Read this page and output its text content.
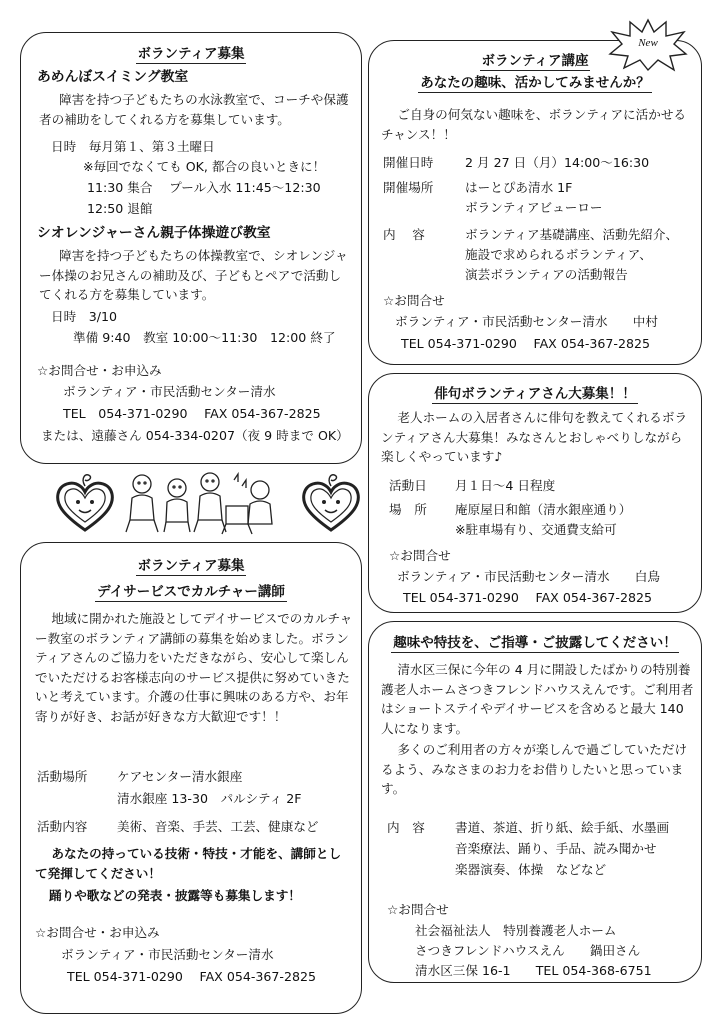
ボランティア募集
あめんぼスイミング教室
障害を持つ子どもたちの水泳教室で、コーチや保護者の補助をしてくれる方を募集しています。
日時　毎月第１、第３土曜日
※毎回でなくても OK, 都合の良いときに！
11:30 集合　 プール入水 11:45～12:30
12:50 退館
シオレンジャーさん親子体操遊び教室
障害を持つ子どもたちの体操教室で、シオレンジャー体操のお兄さんの補助及び、子どもとペアで活動してくれる方を募集しています。
日時　3/10
準備 9:40　教室 10:00～11:30　12:00 終了
☆お問合せ・お申込み
ボランティア・市民活動センター清水
TEL　054-371-0290　 FAX 054-367-2825
または、遠藤さん 054-334-0207（夜 9 時まで OK）
ボランティア講座
あなたの趣味、活かしてみませんか？
ご自身の何気ない趣味を、ボランティアに活かせるチャンス！！
開催日時	2 月 27 日（月）14:00～16:30
開催場所	はーとぴあ清水 1F
ボランティアビューロー
内　 容	ボランティア基礎講座、活動先紹介、
施設で求められるボランティア、
演芸ボランティアの活動報告
☆お問合せ
ボランティア・市民活動センター清水　　中村
TEL 054-371-0290　 FAX 054-367-2825
New
俳句ボランティアさん大募集！！
老人ホームの入居者さんに俳句を教えてくれるボランティアさん大募集！みなさんとおしゃべりしながら楽しくやっています♪
活動日 月１日～4 日程度
場　所 庵原屋日和館（清水銀座通り）
※駐車場有り、交通費支給可
☆お問合せ
ボランティア・市民活動センター清水　　白鳥
TEL 054-371-0290　 FAX 054-367-2825
ボランティア募集
デイサービスでカルチャー講師
地域に開かれた施設としてデイサービスでのカルチャー教室のボランティア講師の募集を始めました。ボランティアさんのご協力をいただきながら、安心して楽しんでいただけるお客様志向のサービス提供に努めていきたいと考えています。介護の仕事に興味のある方や、お年寄りが好き、お話が好きな方大歓迎です！！
活動場所 ケアセンター清水銀座
清水銀座 13-30　パルシティ 2F
活動内容 美術、音楽、手芸、工芸、健康など
あなたの持っている技術・特技・才能を、講師として発揮してください！
踊りや歌などの発表・披露等も募集します！
☆お問合せ・お申込み
ボランティア・市民活動センター清水
TEL 054-371-0290　 FAX 054-367-2825
趣味や特技を、ご指導・ご披露してください！
清水区三保に今年の 4 月に開設したばかりの特別養護老人ホームさつきフレンドハウスえんです。ご利用者はショートステイやデイサービスを含めると最大 140 人になります。
多くのご利用者の方々が楽しんで過ごしていただけるよう、みなさまのお力をお借りしたいと思っています。
内　容 書道、茶道、折り紙、絵手紙、水墨画
音楽療法、踊り、手品、読み聞かせ
楽器演奏、体操　などなど
☆お問合せ
社会福祉法人　特別養護老人ホーム
さつきフレンドハウスえん　　鍋田さん
清水区三保 16-1　　TEL 054-368-6751
